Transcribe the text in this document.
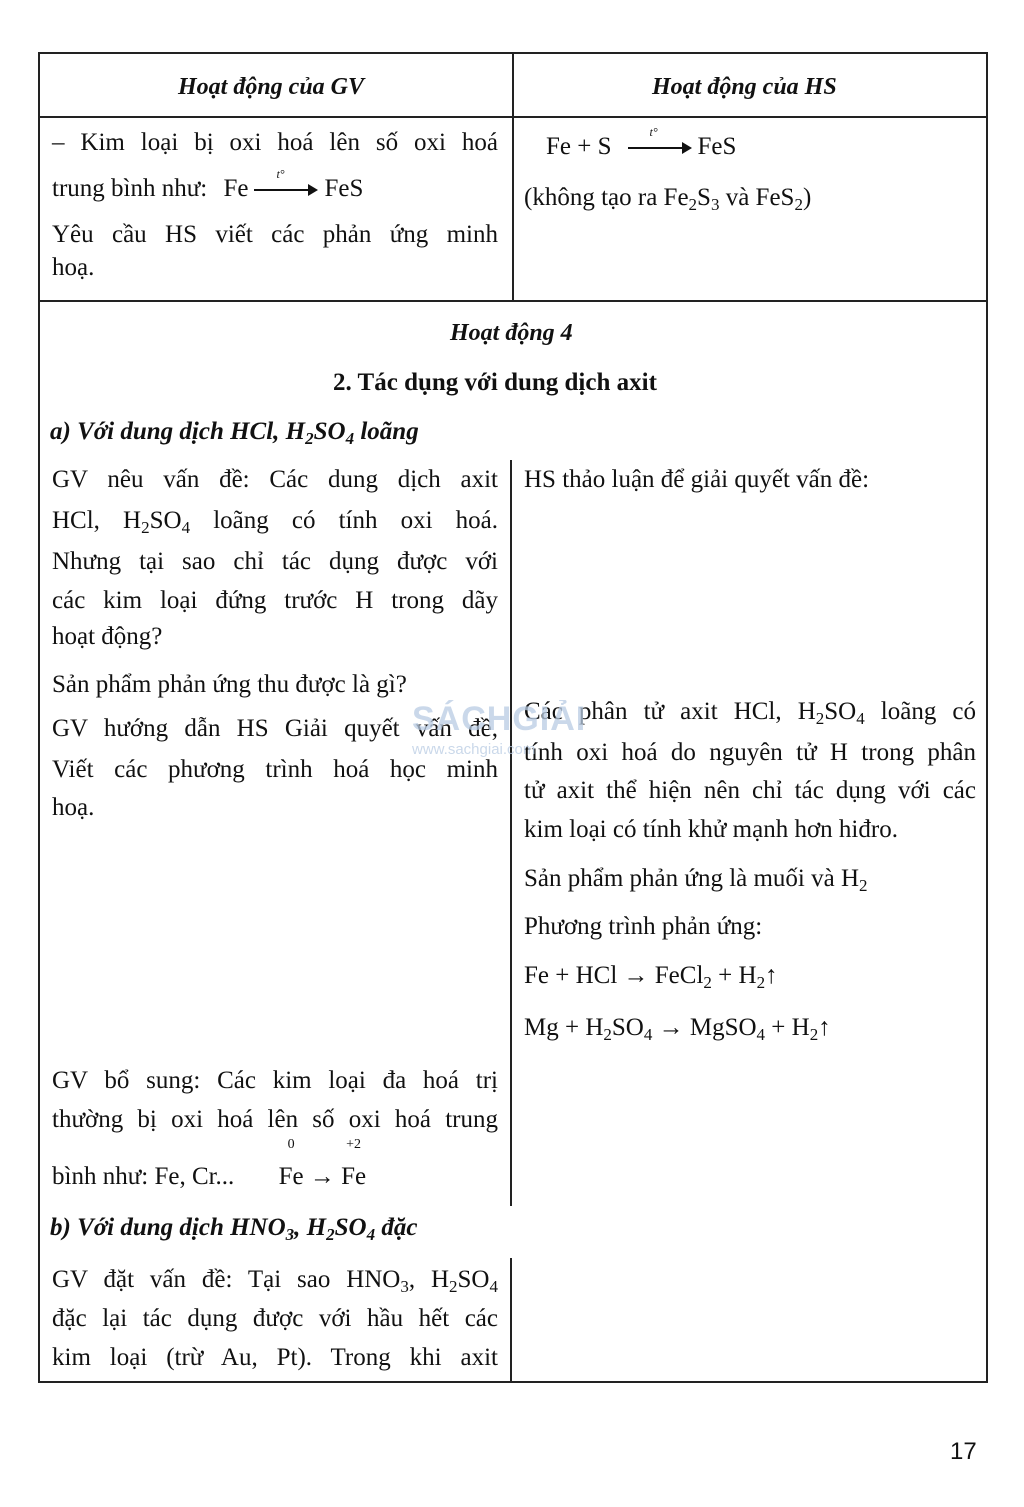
Hoạt động của GV	Hoạt động của HS
– Kim loại bị oxi hoá lên số oxi hoá
trung bình như: Fe
t°
FeS
Yêu cầu HS viết các phản ứng minh
hoạ.
Fe + S
t°
FeS
(không tạo ra $Fe_2S_3$ và FeS$_2$)
Hoạt động 4
2. Tác dụng với dung dịch axit
a) Với dung dịch HCl, $H_2SO_4$ loãng
GV nêu vấn đề: Các dung dịch axit
HCl, $H_2SO_4$ loãng có tính oxi hoá.
Nhưng tại sao chỉ tác dụng được với
các kim loại đứng trước H trong dãy
hoạt động?
Sản phẩm phản ứng thu được là gì?
GV hướng dẫn HS Giải quyết vấn đề,
Viết các phương trình hoá học minh
hoạ.
GV bổ sung: Các kim loại đa hoá trị
thường bị oxi hoá lên số oxi hoá trung
bình như: Fe, Cr...
0
Fe →
+2
Fe
HS thảo luận để giải quyết vấn đề:
Các phân tử axit HCl, $H_2SO_4$ loãng có
tính oxi hoá do nguyên tử H trong phân
tử axit thể hiện nên chỉ tác dụng với các
kim loại có tính khử mạnh hơn hiđro.
Sản phẩm phản ứng là muối và $H_2$
Phương trình phản ứng:
Fe + HCl → FeCl$_2$ + $H_2↑$
$Mg + H_2SO_4$ → MgSO$_4$ + $H_2↑$
b) Với dung dịch $HNO_3$, $H_2SO_4$ đặc
GV đặt vấn đề: Tại sao $HNO_3$, $H_2SO_4$
đặc lại tác dụng được với hầu hết các
kim loại (trừ Au, Pt). Trong khi axit
SÁCHGIẢI
www.sachgiai.com
17
